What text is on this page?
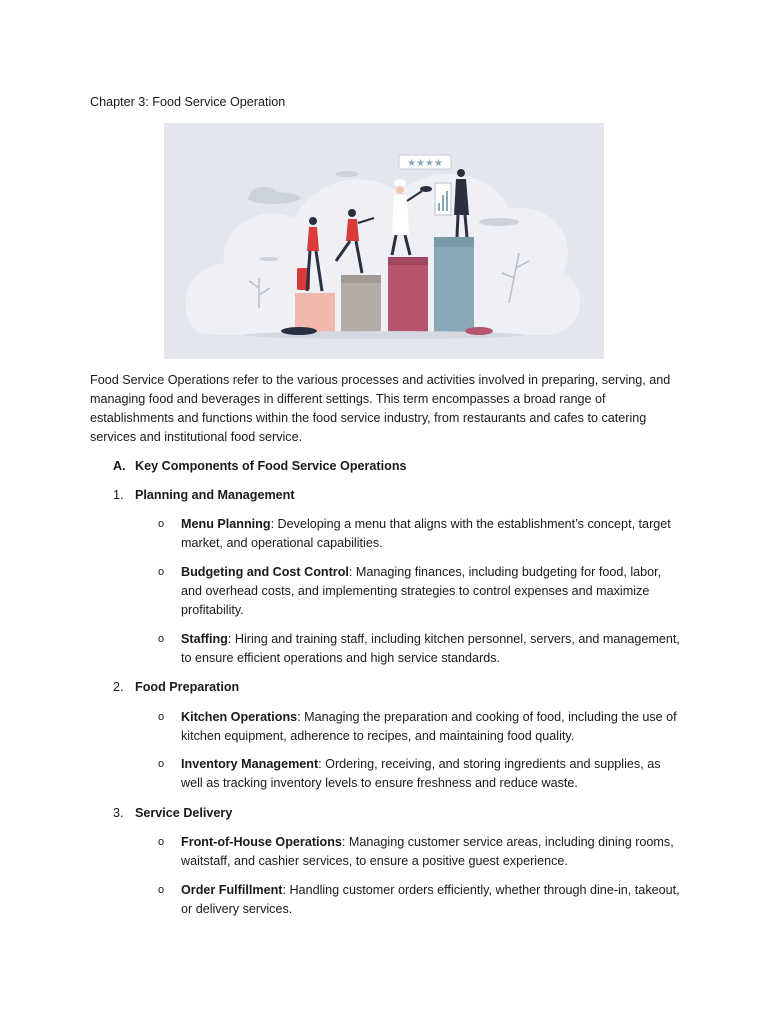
Chapter 3: Food Service Operation
★★★★

Food Service Operations refer to the various processes and activities involved in preparing, serving, and managing food and beverages in different settings. This term encompasses a broad range of establishments and functions within the food service industry, from restaurants and cafes to catering services and institutional food service.

A. Key Components of Food Service Operations
1. Planning and Management
o Menu Planning: Developing a menu that aligns with the establishment’s concept, target market, and operational capabilities.

o Budgeting and Cost Control: Managing finances, including budgeting for food, labor, and overhead costs, and implementing strategies to control expenses and maximize profitability.

o Staffing: Hiring and training staff, including kitchen personnel, servers, and management, to ensure efficient operations and high service standards.

2. Food Preparation
o Kitchen Operations: Managing the preparation and cooking of food, including the use of kitchen equipment, adherence to recipes, and maintaining food quality.

o Inventory Management: Ordering, receiving, and storing ingredients and supplies, as well as tracking inventory levels to ensure freshness and reduce waste.

3. Service Delivery
o Front-of-House Operations: Managing customer service areas, including dining rooms, waitstaff, and cashier services, to ensure a positive guest experience.

o Order Fulfillment: Handling customer orders efficiently, whether through dine-in, takeout, or delivery services.
